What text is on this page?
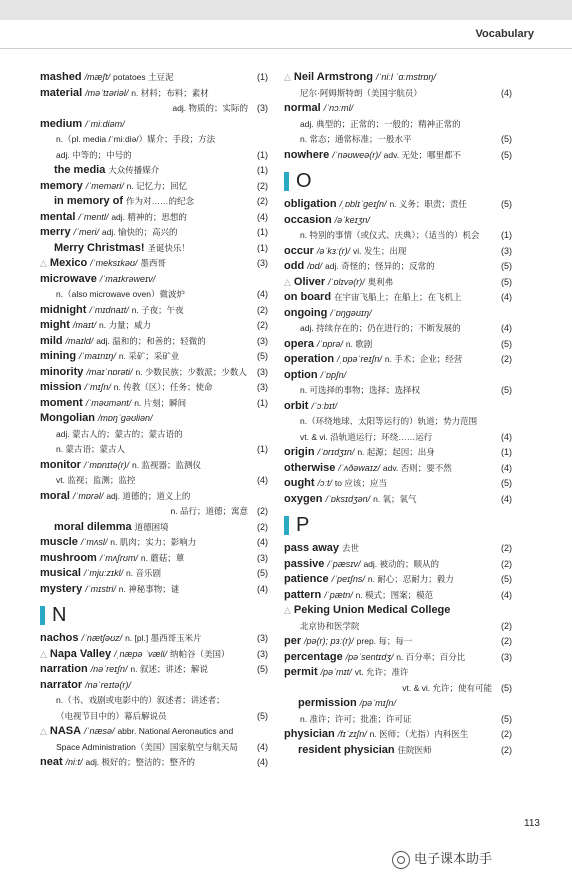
Vocabulary
mashed /mæʃt/ potatoes 土豆泥	(1)
material /məˈtɪəriəl/ n. 材料；布料；素材
adj. 物质的；实际的 (3)
medium /ˈmiːdiəm/
n.（pl. media /ˈmiːdiə/）媒介；手段；方法
adj. 中等的；中号的	(1)
the media 大众传播媒介	(1)
memory /ˈmeməri/ n. 记忆力；回忆	(2)
in memory of 作为对……的纪念	(2)
mental /ˈmentl/ adj. 精神的；思想的	(4)
merry /ˈmeri/ adj. 愉快的；高兴的	(1)
Merry Christmas! 圣诞快乐！	(1)
△ Mexico /ˈmeksɪkəʊ/ 墨西哥	(3)
microwave /ˈmaɪkrəweɪv/
n.（also microwave oven）微波炉	(4)
midnight /ˈmɪdnaɪt/ n. 子夜；午夜	(2)
might /maɪt/ n. 力量；威力	(2)
mild /maɪld/ adj. 温和的；和善的；轻微的	(3)
mining /ˈmaɪnɪŋ/ n. 采矿；采矿业	(5)
minority /maɪˈnɒrəti/ n. 少数民族；少数派；少数人	(3)
mission /ˈmɪʃn/ n. 传教（区）；任务；使命	(3)
moment /ˈməʊmənt/ n. 片刻；瞬间	(1)
Mongolian /mɒŋˈɡəʊliən/
adj. 蒙古人的；蒙古的；蒙古语的
n. 蒙古语；蒙古人	(1)
monitor /ˈmɒnɪtə(r)/ n. 监视器；监测仪
vt. 监视；监测；监控	(4)
moral /ˈmɒrəl/ adj. 道德的；道义上的
n. 品行；道德；寓意 (2)
moral dilemma 道德困境	(2)
muscle /ˈmʌsl/ n. 肌肉；实力；影响力	(4)
mushroom /ˈmʌʃrʊm/ n. 蘑菇；蕈	(3)
musical /ˈmjuːzɪkl/ n. 音乐剧	(5)
mystery /ˈmɪstri/ n. 神秘事物；谜	(4)
N
nachos /ˈnætʃəʊz/ n. [pl.] 墨西哥玉米片	(3)
△ Napa Valley /ˌnæpə ˈvæli/ 纳帕谷（美国）	(3)
narration /nəˈreɪʃn/ n. 叙述；讲述；解说	(5)
narrator /nəˈreɪtə(r)/
n.（书、戏剧或电影中的）叙述者；讲述者；
（电视节目中的）幕后解说员	(5)
△ NASA /ˈnæsə/ abbr. National Aeronautics and
Space Administration（美国）国家航空与航天局	(4)
neat /niːt/ adj. 极好的；整洁的；整齐的	(4)
△ Neil Armstrong /ˈniːl ˈɑːmstrɒŋ/
尼尔·阿姆斯特朗（美国宇航员）	(4)
normal /ˈnɔːml/
adj. 典型的；正常的；一般的；精神正常的
n. 常态；通常标准；一般水平	(5)
nowhere /ˈnəʊweə(r)/ adv. 无处；哪里都不	(5)
O
obligation /ˌɒblɪˈɡeɪʃn/ n. 义务；职责；责任	(5)
occasion /əˈkeɪʒn/
n. 特别的事情（或仪式、庆典）；（适当的）机会	(1)
occur /əˈkɜː(r)/ vi. 发生；出现	(3)
odd /ɒd/ adj. 奇怪的；怪异的；反常的	(5)
△ Oliver /ˈɒlɪvə(r)/ 奥利弗	(5)
on board 在宇宙飞船上；在船上；在飞机上	(4)
ongoing /ˈɒŋɡəʊɪŋ/
adj. 持续存在的；仍在进行的；不断发展的	(4)
opera /ˈɒprə/ n. 歌剧	(5)
operation /ˌɒpəˈreɪʃn/ n. 手术；企业；经营	(2)
option /ˈɒpʃn/
n. 可选择的事物；选择；选择权	(5)
orbit /ˈɔːbɪt/
n.（环绕地球、太阳等运行的）轨道；势力范围
vt. & vi. 沿轨道运行；环绕……运行	(4)
origin /ˈɒrɪdʒɪn/ n. 起源；起因；出身	(1)
otherwise /ˈʌðəwaɪz/ adv. 否则；要不然	(4)
ought /ɔːt/ to 应该；应当	(5)
oxygen /ˈɒksɪdʒən/ n. 氧；氧气	(4)
P
pass away 去世	(2)
passive /ˈpæsɪv/ adj. 被动的；顺从的	(2)
patience /ˈpeɪʃns/ n. 耐心；忍耐力；毅力	(5)
pattern /ˈpætn/ n. 模式；图案；模范	(4)
△ Peking Union Medical College
北京协和医学院	(2)
per /pə(r); pɜː(r)/ prep. 每；每一	(2)
percentage /pəˈsentɪdʒ/ n. 百分率；百分比	(3)
permit /pəˈmɪt/ vt. 允许；准许
vt. & vi. 允许；使有可能 (5)
permission /pəˈmɪʃn/
n. 准许；许可；批准；许可证	(5)
physician /fɪˈzɪʃn/ n. 医师；（尤指）内科医生	(2)
resident physician 住院医师	(2)
113
电子课本助手
